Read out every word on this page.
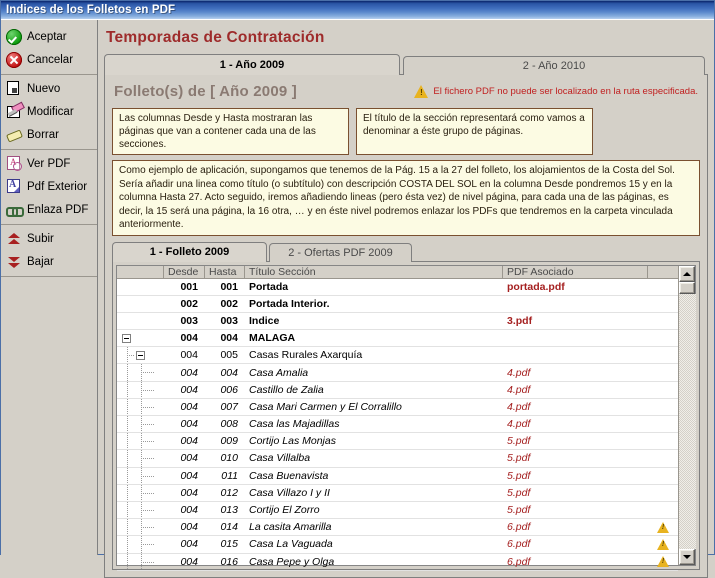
Indices de los Folletos en PDF
Aceptar
Cancelar
Nuevo
Modificar
Borrar
A
Ver PDF
A
Pdf Exterior
Enlaza PDF
Subir
Bajar
Temporadas de Contratación
1 - Año 2009	2 - Año 2010
Folleto(s) de [ Año 2009 ] !	El fichero PDF no puede ser localizado en la ruta especificada.
Las columnas Desde y Hasta mostraran las páginas que van a contener cada una de las secciones.
El título de la sección representará como vamos a denominar a éste grupo de páginas.
Como ejemplo de aplicación, supongamos que tenemos de la Pág. 15 a la 27 del folleto, los alojamientos de la Costa del Sol. Sería añadir una linea como título (o subtítulo) con descripción COSTA DEL SOL en la columna Desde pondremos 15 y en la columna Hasta 27. Acto seguido, iremos añadiendo lineas (pero ésta vez) de nivel página, para cada una de las páginas, es decir, la 15 será una página, la 16 otra, … y en éste nivel podremos enlazar los PDFs que tendremos en la carpeta vinculada anteriormente.
1 - Folleto 2009	2 - Ofertas PDF 2009
Desde	Hasta	Título Sección	PDF Asociado
001	001	Portada	portada.pdf
002	002	Portada Interior.
003	003	Indice	3.pdf
004	004	MALAGA
004	005	Casas Rurales Axarquía
004	004	Casa Amalia	4.pdf
004	006	Castillo de Zalia	4.pdf
004	007	Casa Mari Carmen y El Corralillo	4.pdf
004	008	Casa las Majadillas	4.pdf
004	009	Cortijo Las Monjas	5.pdf
004	010	Casa Villalba	5.pdf
004	011	Casa Buenavista	5.pdf
004	012	Casa Villazo I y II	5.pdf
004	013	Cortijo El Zorro	5.pdf
004	014	La casita Amarilla	6.pdf
!
004	015	Casa La Vaguada	6.pdf
!
004	016	Casa Pepe y Olga	6.pdf
!
